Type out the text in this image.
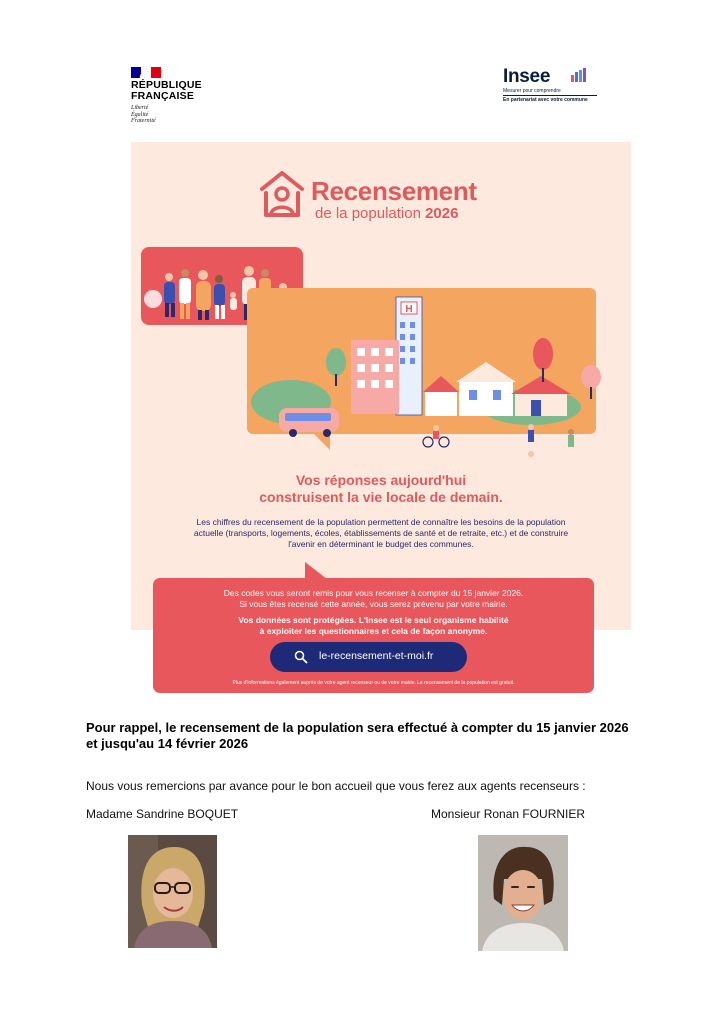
RÉPUBLIQUE
FRANÇAISE
Liberté
Égalité
Fraternité
Insee
Mesurer pour comprendre
En partenariat avec votre commune
Recensement
de la population 2026
H
Vos réponses aujourd'hui
construisent la vie locale de demain.
Les chiffres du recensement de la population permettent de connaître les besoins de la population actuelle (transports, logements, écoles, établissements de santé et de retraite, etc.) et de construire l'avenir en déterminant le budget des communes.
Des codes vous seront remis pour vous recenser à compter du 15 janvier 2026.
Si vous êtes recensé cette année, vous serez prévenu par votre mairie.
Vos données sont protégées. L'Insee est le seul organisme habilité
à exploiter les questionnaires et cela de façon anonyme.
le-recensement-et-moi.fr
Plus d'informations également auprès de votre agent recenseur ou de votre mairie. Le recensement de la population est gratuit.
Pour rappel, le recensement de la population sera effectué à compter du 15 janvier 2026
et jusqu'au 14 février 2026
Nous vous remercions par avance pour le bon accueil que vous ferez aux agents recenseurs :
Madame Sandrine BOQUET	Monsieur Ronan FOURNIER
